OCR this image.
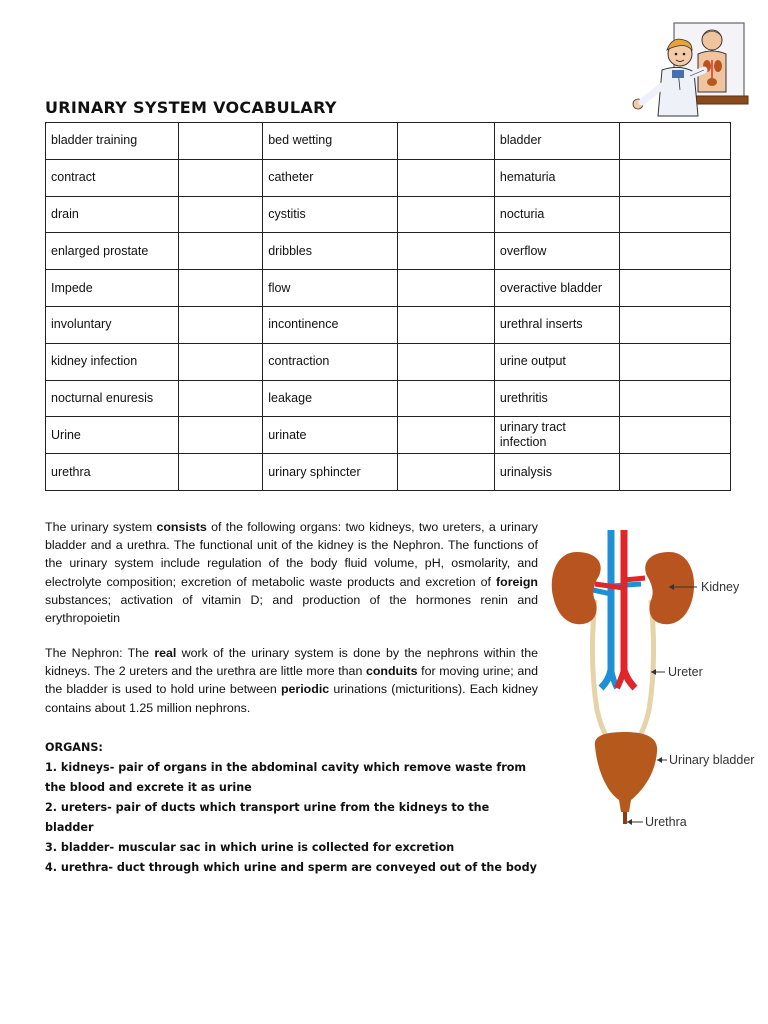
URINARY SYSTEM VOCABULARY
bladder training		bed wetting		bladder	
contract		catheter		hematuria	
drain		cystitis		nocturia	
enlarged prostate		dribbles		overflow	
Impede		flow		overactive bladder	
involuntary		incontinence		urethral inserts	
kidney infection		contraction		urine output	
nocturnal enuresis		leakage		urethritis	
Urine		urinate		urinary tract infection	
urethra		urinary sphincter		urinalysis	

The urinary system consists of the following organs: two kidneys, two ureters, a urinary bladder and a urethra. The functional unit of the kidney is the Nephron. The functions of the urinary system include regulation of the body fluid volume, pH, osmolarity, and electrolyte composition; excretion of metabolic waste products and excretion of foreign substances; activation of vitamin D; and production of the hormones renin and erythropoietin

The Nephron: The real work of the urinary system is done by the nephrons within the kidneys. The 2 ureters and the urethra are little more than conduits for moving urine; and the bladder is used to hold urine between periodic urinations (micturitions). Each kidney contains about 1.25 million nephrons.

ORGANS:
1. kidneys- pair of organs in the abdominal cavity which remove waste from the blood and excrete it as urine
2. ureters- pair of ducts which transport urine from the kidneys to the bladder
3. bladder- muscular sac in which urine is collected for excretion
4. urethra- duct through which urine and sperm are conveyed out of the body
Kidney
Ureter
Urinary bladder
Urethra
